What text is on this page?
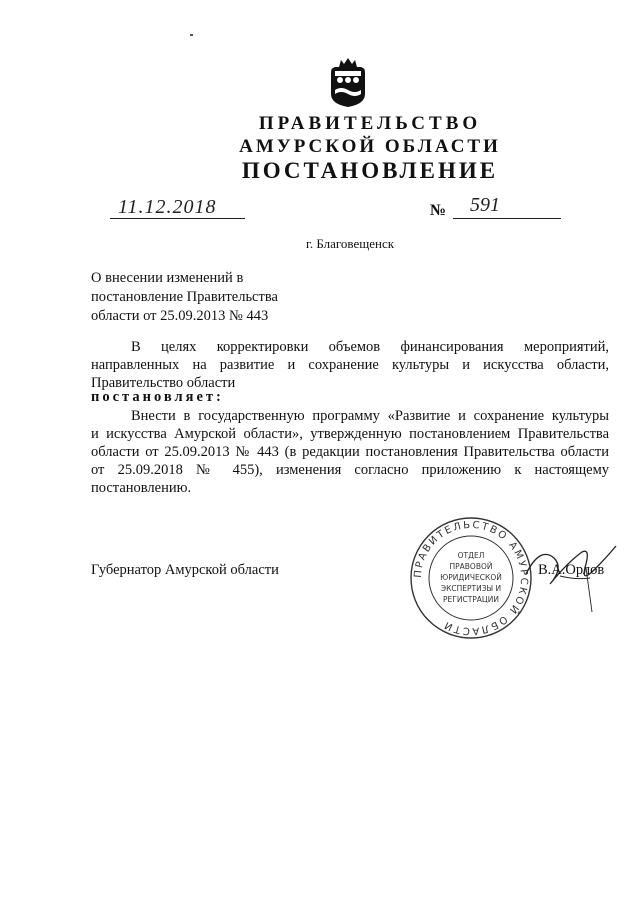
ПРАВИТЕЛЬСТВО
АМУРСКОЙ ОБЛАСТИ
ПОСТАНОВЛЕНИЕ
11.12.2018	№ 591
г. Благовещенск
О внесении изменений в
постановление Правительства
области от 25.09.2013 № 443
В целях корректировки объемов финансирования мероприятий,
направленных на развитие и сохранение культуры и искусства области,
Правительство области
постановляет:
Внести в государственную программу «Развитие и сохранение культуры
и искусства Амурской области», утвержденную постановлением Правительства
области от 25.09.2013 № 443 (в редакции постановления Правительства области
от 25.09.2018 № 455), изменения согласно приложению к настоящему
постановлению.
Губернатор Амурской области	ПРАВИТЕЛЬСТВО АМУРСКОЙ ОБЛАСТИ
ОТДЕЛ
ПРАВОВОЙ
ЮРИДИЧЕСКОЙ
ЭКСПЕРТИЗЫ И
РЕГИСТРАЦИИ
В.А.Орлов
